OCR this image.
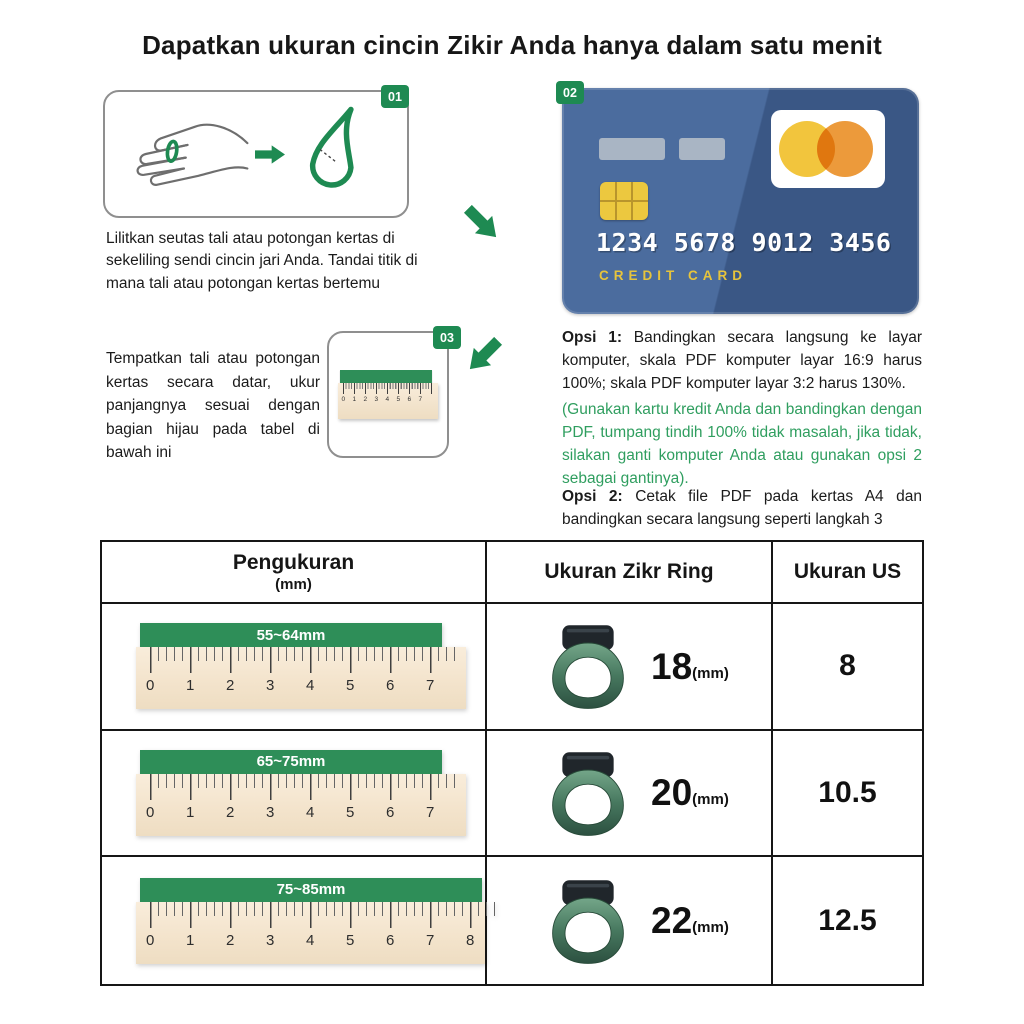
Dapatkan ukuran cincin Zikir Anda hanya dalam satu menit
01

Lilitkan seutas tali atau potongan kertas di sekeliling sendi cincin jari Anda. Tandai titik di mana tali atau potongan kertas bertemu

02
1234 5678 9012 3456
CREDIT CARD

Tempatkan tali atau potongan kertas secara datar, ukur panjangnya sesuai dengan bagian hijau pada tabel di bawah ini

03
0 1 2 3 4 5 6 7

Opsi 1: Bandingkan secara langsung ke layar komputer, skala PDF komputer layar 16:9 harus 100%; skala PDF komputer layar 3:2 harus 130%.

(Gunakan kartu kredit Anda dan bandingkan dengan PDF, tumpang tindih 100% tidak masalah, jika tidak, silakan ganti komputer Anda atau gunakan opsi 2 sebagai gantinya).

Opsi 2: Cetak file PDF pada kertas A4 dan bandingkan secara langsung seperti langkah 3

Pengukuran
(mm)
Ukuran Zikr Ring	Ukuran US
55~64mm
0 1 2 3 4 5 6 7	18 (mm)	8
65~75mm
0 1 2 3 4 5 6 7	20 (mm)	10.5
75~85mm
0 1 2 3 4 5 6 7 8	22 (mm)	12.5
